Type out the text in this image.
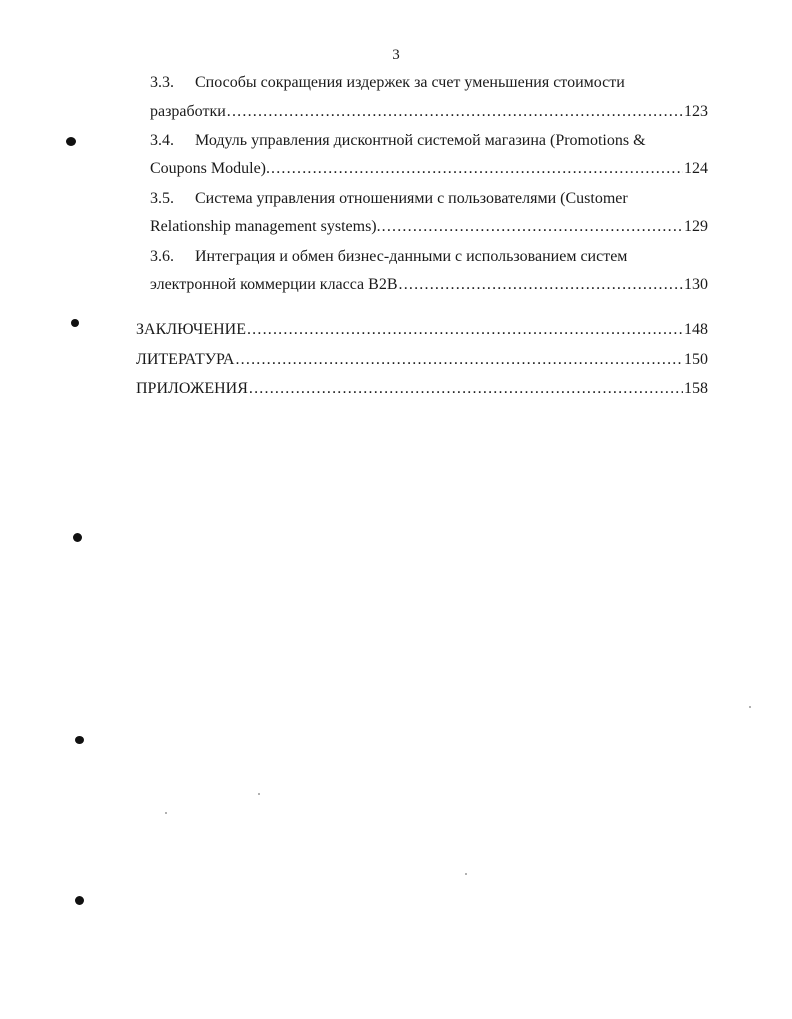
3
3.3.	Способы сокращения издержек за счет уменьшения стоимости
разработки .....	123
3.4.	Модуль управления дисконтной системой магазина (Promotions &
Coupons Module). .....	124
3.5.	Система управления отношениями с пользователями (Customer
Relationship management systems). .....	129
3.6.	Интеграция и обмен бизнес-данными с использованием систем
электронной коммерции класса B2B .....	130
ЗАКЛЮЧЕНИЕ .....	148
ЛИТЕРАТУРА .....	150
ПРИЛОЖЕНИЯ .....	158
